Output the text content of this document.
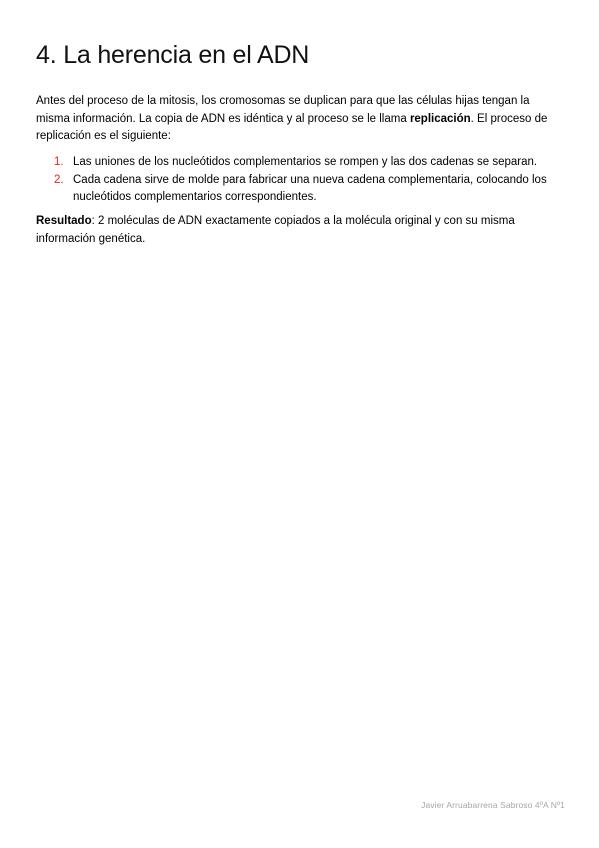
4. La herencia en el ADN

Antes del proceso de la mitosis, los cromosomas se duplican para que las células hijas tengan la misma información. La copia de ADN es idéntica y al proceso se le llama replicación. El proceso de replicación es el siguiente:

1. Las uniones de los nucleótidos complementarios se rompen y las dos cadenas se separan.
2. Cada cadena sirve de molde para fabricar una nueva cadena complementaria, colocando los nucleótidos complementarios correspondientes.

Resultado: 2 moléculas de ADN exactamente copiados a la molécula original y con su misma información genética.

Javier Arruabarrena Sabroso 4ºA Nº1
